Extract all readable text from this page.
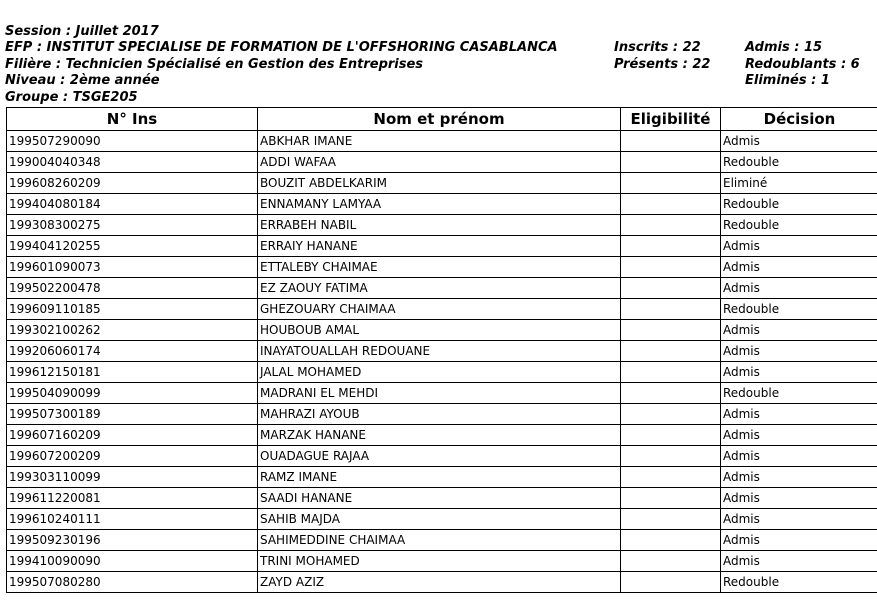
Session : Juillet 2017
EFP : INSTITUT SPECIALISE DE FORMATION DE L'OFFSHORING CASABLANCA
Filière : Technicien Spécialisé en Gestion des Entreprises
Niveau : 2ème année
Groupe : TSGE205
Inscrits : 22
Présents : 22
Admis : 15
Redoublants : 6
Eliminés : 1
N° Ins	Nom et prénom	Eligibilité	Décision
199507290090	ABKHAR IMANE		Admis
199004040348	ADDI WAFAA		Redouble
199608260209	BOUZIT ABDELKARIM		Eliminé
199404080184	ENNAMANY LAMYAA		Redouble
199308300275	ERRABEH NABIL		Redouble
199404120255	ERRAIY HANANE		Admis
199601090073	ETTALEBY CHAIMAE		Admis
199502200478	EZ ZAOUY FATIMA		Admis
199609110185	GHEZOUARY CHAIMAA		Redouble
199302100262	HOUBOUB AMAL		Admis
199206060174	INAYATOUALLAH REDOUANE		Admis
199612150181	JALAL MOHAMED		Admis
199504090099	MADRANI EL MEHDI		Redouble
199507300189	MAHRAZI AYOUB		Admis
199607160209	MARZAK HANANE		Admis
199607200209	OUADAGUE RAJAA		Admis
199303110099	RAMZ IMANE		Admis
199611220081	SAADI HANANE		Admis
199610240111	SAHIB MAJDA		Admis
199509230196	SAHIMEDDINE CHAIMAA		Admis
199410090090	TRINI MOHAMED		Admis
199507080280	ZAYD AZIZ		Redouble
